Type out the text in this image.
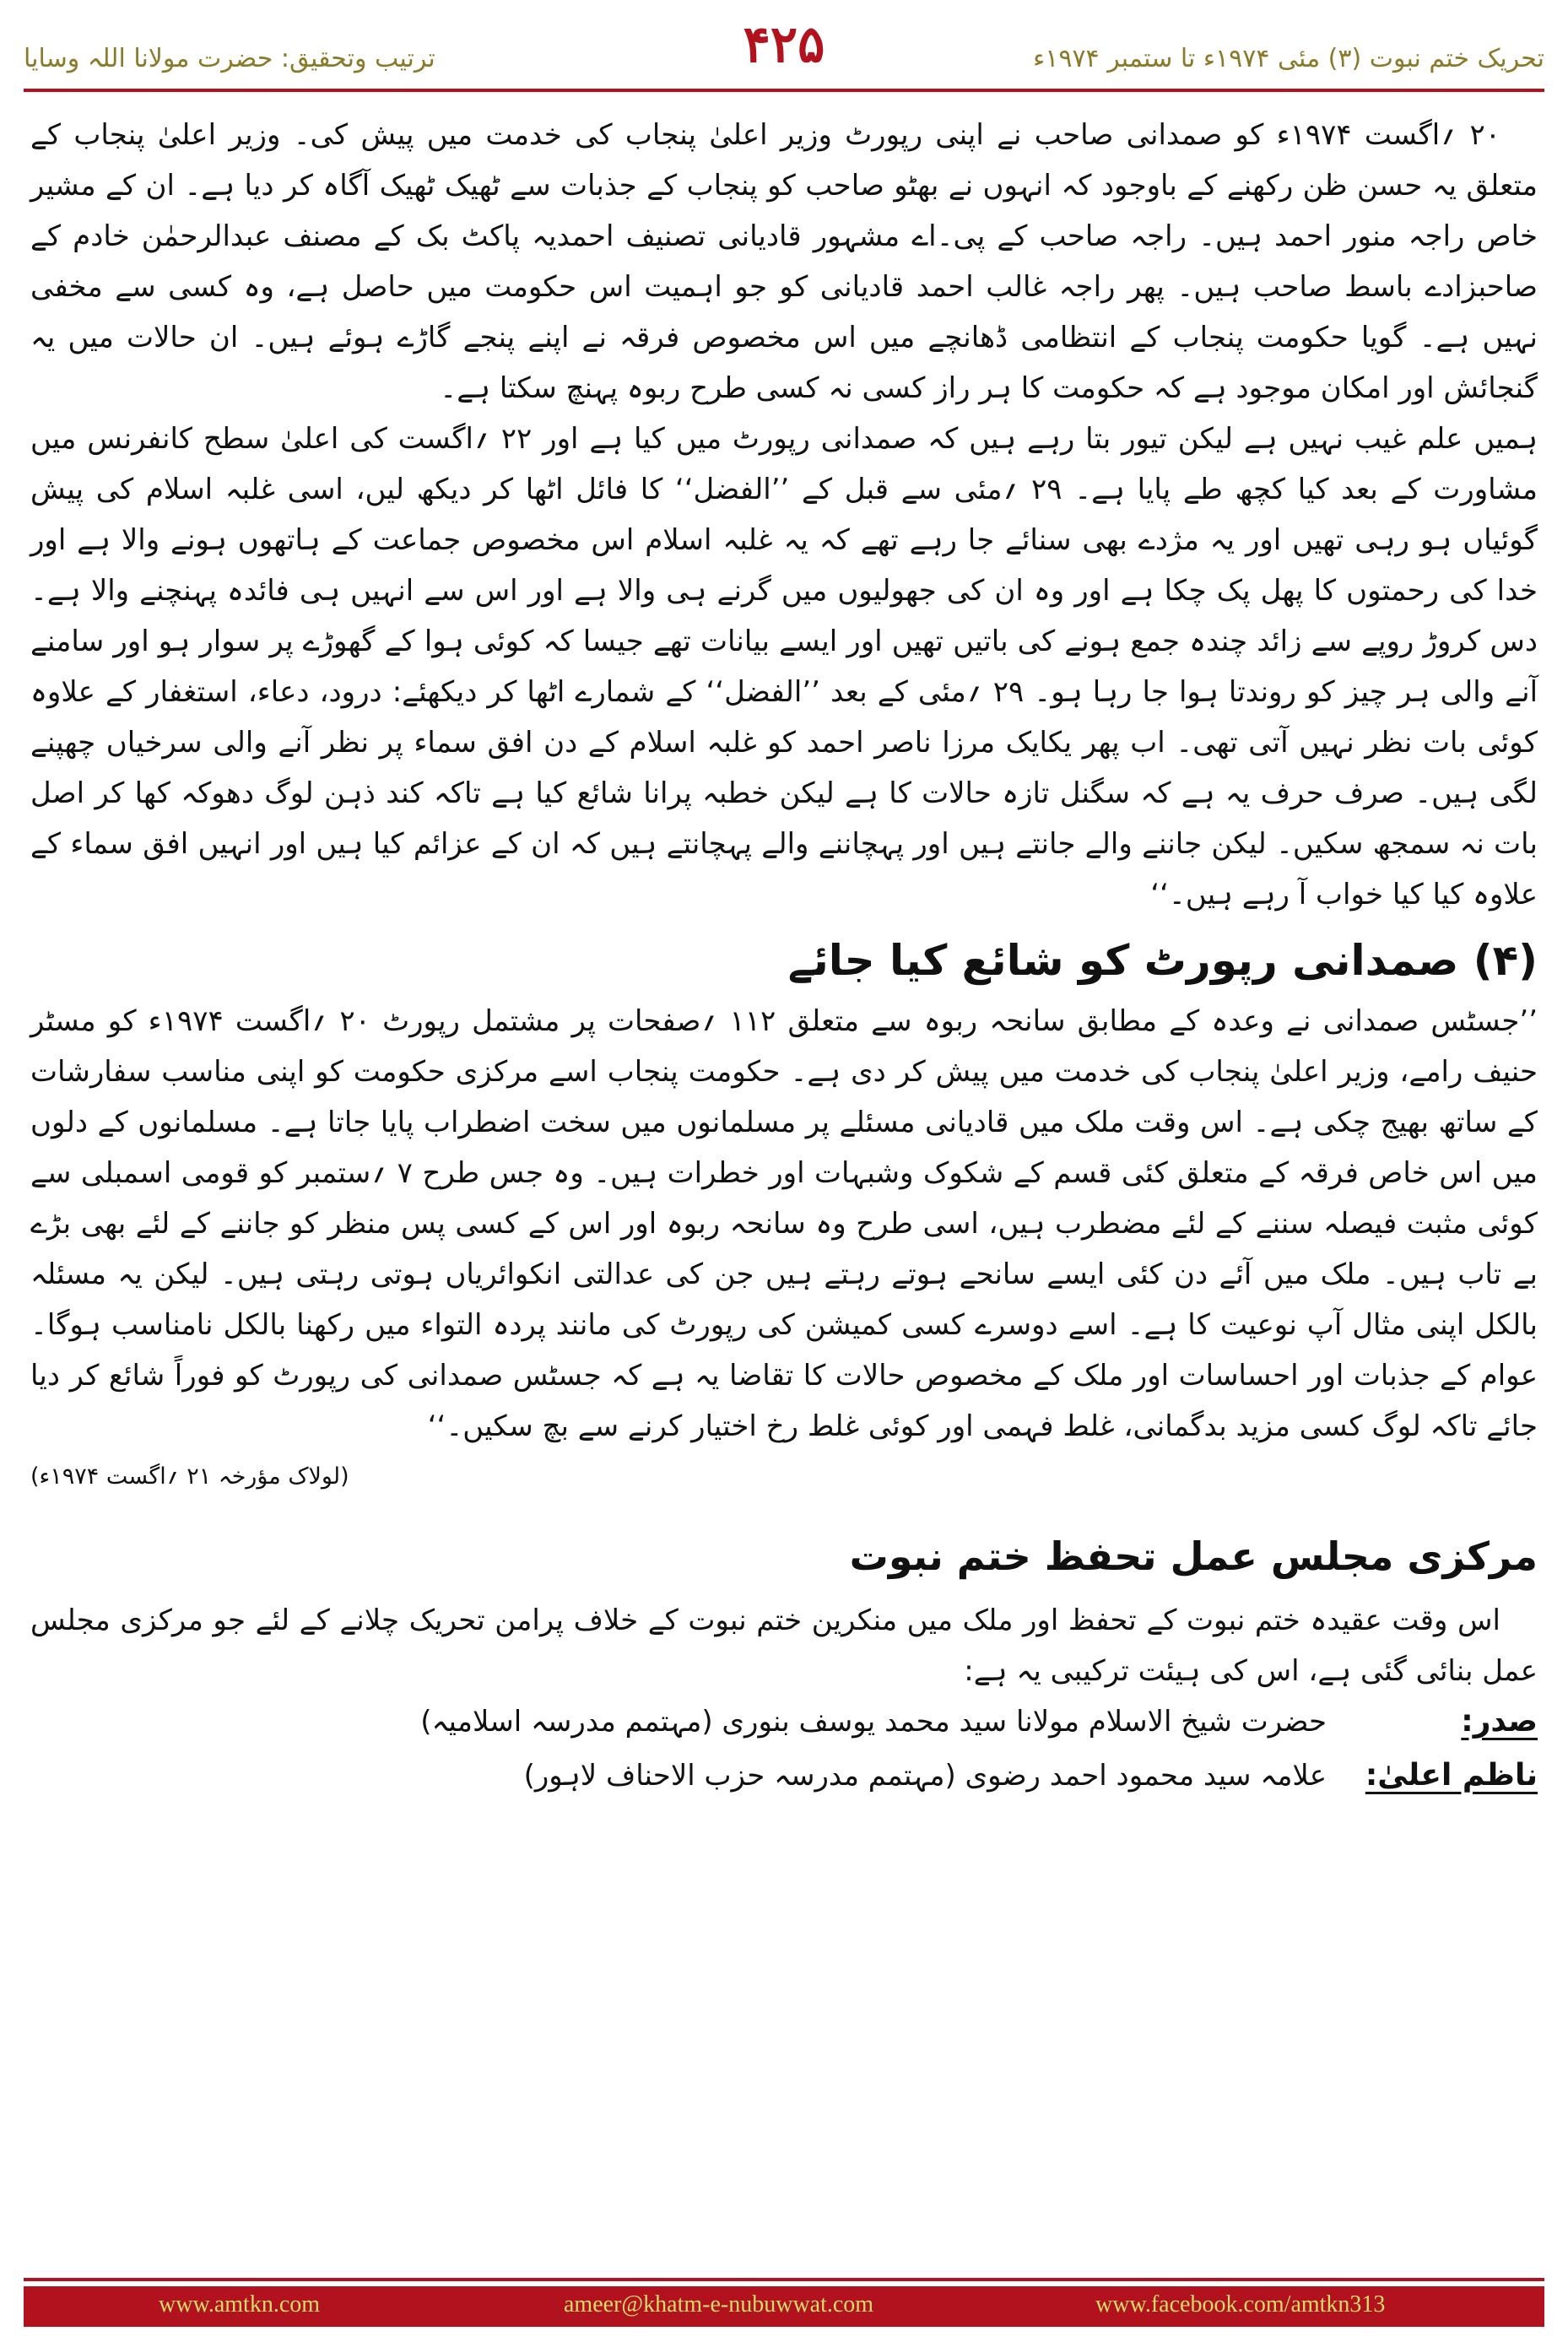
تحریک ختم نبوت (۳) مئی ۱۹۷۴ء تا ستمبر ۱۹۷۴ء
۴۲۵
ترتیب وتحقیق: حضرت مولانا اللہ وسایا

۲۰ ؍اگست ۱۹۷۴ء کو صمدانی صاحب نے اپنی رپورٹ وزیر اعلیٰ پنجاب کی خدمت میں پیش کی۔ وزیر اعلیٰ پنجاب کے متعلق یہ حسن ظن رکھنے کے باوجود کہ انہوں نے بھٹو صاحب کو پنجاب کے جذبات سے ٹھیک ٹھیک آگاہ کر دیا ہے۔ ان کے مشیر خاص راجہ منور احمد ہیں۔ راجہ صاحب کے پی۔اے مشہور قادیانی تصنیف احمدیہ پاکٹ بک کے مصنف عبدالرحمٰن خادم کے صاحبزادے باسط صاحب ہیں۔ پھر راجہ غالب احمد قادیانی کو جو اہمیت اس حکومت میں حاصل ہے، وہ کسی سے مخفی نہیں ہے۔ گویا حکومت پنجاب کے انتظامی ڈھانچے میں اس مخصوص فرقہ نے اپنے پنجے گاڑے ہوئے ہیں۔ ان حالات میں یہ گنجائش اور امکان موجود ہے کہ حکومت کا ہر راز کسی نہ کسی طرح ربوہ پہنچ سکتا ہے۔

ہمیں علم غیب نہیں ہے لیکن تیور بتا رہے ہیں کہ صمدانی رپورٹ میں کیا ہے اور ۲۲ ؍اگست کی اعلیٰ سطح کانفرنس میں مشاورت کے بعد کیا کچھ طے پایا ہے۔ ۲۹ ؍مئی سے قبل کے ’’الفضل‘‘ کا فائل اٹھا کر دیکھ لیں، اسی غلبہ اسلام کی پیش گوئیاں ہو رہی تھیں اور یہ مژدے بھی سنائے جا رہے تھے کہ یہ غلبہ اسلام اس مخصوص جماعت کے ہاتھوں ہونے والا ہے اور خدا کی رحمتوں کا پھل پک چکا ہے اور وہ ان کی جھولیوں میں گرنے ہی والا ہے اور اس سے انہیں ہی فائدہ پہنچنے والا ہے۔ دس کروڑ روپے سے زائد چندہ جمع ہونے کی باتیں تھیں اور ایسے بیانات تھے جیسا کہ کوئی ہوا کے گھوڑے پر سوار ہو اور سامنے آنے والی ہر چیز کو روندتا ہوا جا رہا ہو۔ ۲۹ ؍مئی کے بعد ’’الفضل‘‘ کے شمارے اٹھا کر دیکھئے: درود، دعاء، استغفار کے علاوہ کوئی بات نظر نہیں آتی تھی۔ اب پھر یکایک مرزا ناصر احمد کو غلبہ اسلام کے دن افق سماء پر نظر آنے والی سرخیاں چھپنے لگی ہیں۔ صرف حرف یہ ہے کہ سگنل تازہ حالات کا ہے لیکن خطبہ پرانا شائع کیا ہے تاکہ کند ذہن لوگ دھوکہ کھا کر اصل بات نہ سمجھ سکیں۔ لیکن جاننے والے جانتے ہیں اور پہچاننے والے پہچانتے ہیں کہ ان کے عزائم کیا ہیں اور انہیں افق سماء کے علاوہ کیا کیا خواب آ رہے ہیں۔‘‘

(۴) صمدانی رپورٹ کو شائع کیا جائے

’’جسٹس صمدانی نے وعدہ کے مطابق سانحہ ربوہ سے متعلق ۱۱۲ ؍صفحات پر مشتمل رپورٹ ۲۰ ؍اگست ۱۹۷۴ء کو مسٹر حنیف رامے، وزیر اعلیٰ پنجاب کی خدمت میں پیش کر دی ہے۔ حکومت پنجاب اسے مرکزی حکومت کو اپنی مناسب سفارشات کے ساتھ بھیج چکی ہے۔ اس وقت ملک میں قادیانی مسئلے پر مسلمانوں میں سخت اضطراب پایا جاتا ہے۔ مسلمانوں کے دلوں میں اس خاص فرقہ کے متعلق کئی قسم کے شکوک وشبہات اور خطرات ہیں۔ وہ جس طرح ۷ ؍ستمبر کو قومی اسمبلی سے کوئی مثبت فیصلہ سننے کے لئے مضطرب ہیں، اسی طرح وہ سانحہ ربوہ اور اس کے کسی پس منظر کو جاننے کے لئے بھی بڑے بے تاب ہیں۔ ملک میں آئے دن کئی ایسے سانحے ہوتے رہتے ہیں جن کی عدالتی انکوائریاں ہوتی رہتی ہیں۔ لیکن یہ مسئلہ بالکل اپنی مثال آپ نوعیت کا ہے۔ اسے دوسرے کسی کمیشن کی رپورٹ کی مانند پردہ التواء میں رکھنا بالکل نامناسب ہوگا۔ عوام کے جذبات اور احساسات اور ملک کے مخصوص حالات کا تقاضا یہ ہے کہ جسٹس صمدانی کی رپورٹ کو فوراً شائع کر دیا جائے تاکہ لوگ کسی مزید بدگمانی، غلط فہمی اور کوئی غلط رخ اختیار کرنے سے بچ سکیں۔‘‘

(لولاک مؤرخہ ۲۱ ؍اگست ۱۹۷۴ء)

مرکزی مجلس عمل تحفظ ختم نبوت

اس وقت عقیدہ ختم نبوت کے تحفظ اور ملک میں منکرین ختم نبوت کے خلاف پرامن تحریک چلانے کے لئے جو مرکزی مجلس عمل بنائی گئی ہے، اس کی ہیئت ترکیبی یہ ہے:

صدر:
حضرت شیخ الاسلام مولانا سید محمد یوسف بنوری (مہتمم مدرسہ اسلامیہ)
ناظم اعلیٰ:
علامہ سید محمود احمد رضوی (مہتمم مدرسہ حزب الاحناف لاہور)
www.amtkn.com	ameer@khatm-e-nubuwwat.com	www.facebook.com/amtkn313
